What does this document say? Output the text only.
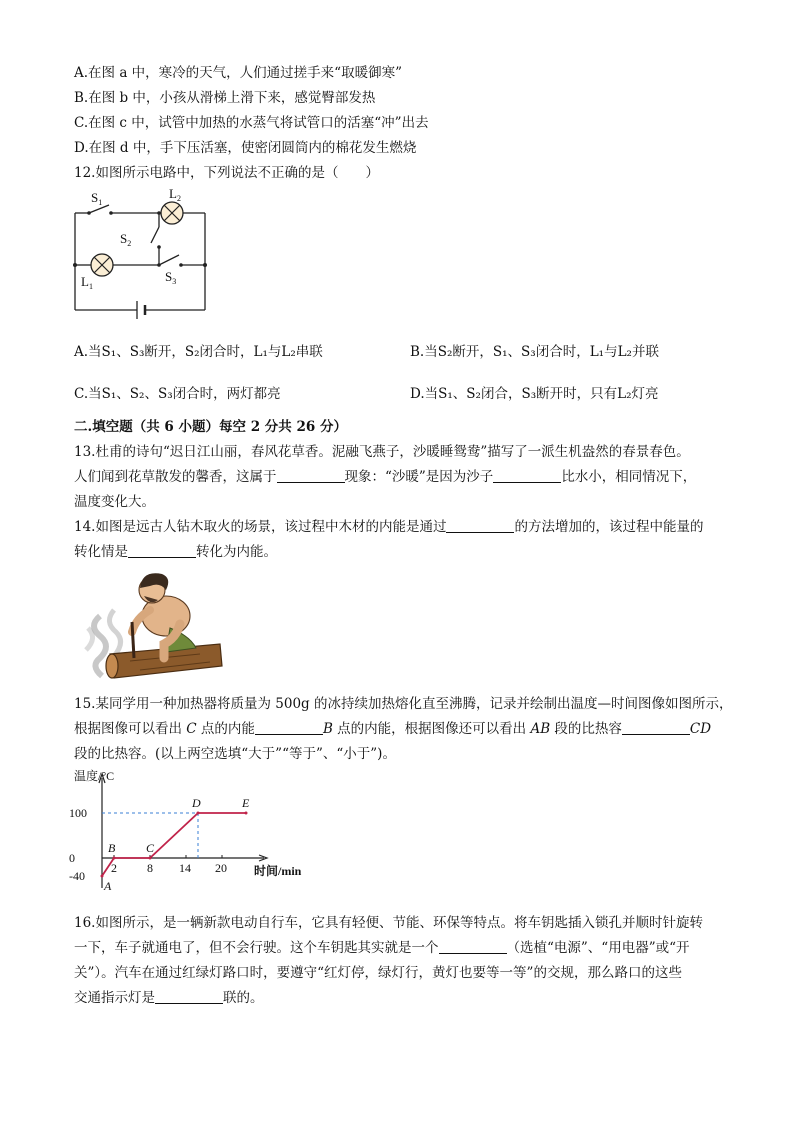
A.在图 a 中，寒冷的天气，人们通过搓手来“取暖御寒”
B.在图 b 中，小孩从滑梯上滑下来，感觉臀部发热
C.在图 c 中，试管中加热的水蒸气将试管口的活塞“冲”出去
D.在图 d 中，手下压活塞，使密闭圆筒内的棉花发生燃烧
12.如图所示电路中，下列说法不正确的是（　　）
$S_1$
$L_2$
$S_2$
$L_1$
$S_3$
A.当S₁、S₃断开，S₂闭合时，L₁与L₂串联	B.当S₂断开，S₁、S₃闭合时，L₁与L₂并联
C.当S₁、S₂、S₃闭合时，两灯都亮	D.当S₁、S₂闭合，S₃断开时，只有L₂灯亮
二.填空题（共 6 小题）每空 2 分共 26 分）
13.杜甫的诗句“迟日江山丽，春风花草香。泥融飞燕子，沙暖睡鸳鸯”描写了一派生机盎然的春景春色。
人们闻到花草散发的馨香，这属于	现象：“沙暖”是因为沙子	比水小，相同情况下，
温度变化大。
14.如图是远古人钻木取火的场景，该过程中木材的内能是通过	的方法增加的，该过程中能量的
转化情是	转化为内能。
15.某同学用一种加热器将质量为 500g 的冰持续加热熔化直至沸腾，记录并绘制出温度—时间图像如图所示，
根据图像可以看出 C 点的内能	B 点的内能，根据图像还可以看出 AB 段的比热容	CD
段的比热容。(以上两空选填“大于”“等于”、“小于”)。
温度/°C
时间/min
100
0
-40
2	8 14 20
A
B	C
D	E
16.如图所示，是一辆新款电动自行车，它具有轻便、节能、环保等特点。将车钥匙插入锁孔并顺时针旋转
一下，车子就通电了，但不会行驶。这个车钥匙其实就是一个	（选植“电源”、“用电器”或“开
关”）。汽车在通过红绿灯路口时，要遵守“红灯停，绿灯行，黄灯也要等一等”的交规，那么路口的这些
交通指示灯是	联的。
